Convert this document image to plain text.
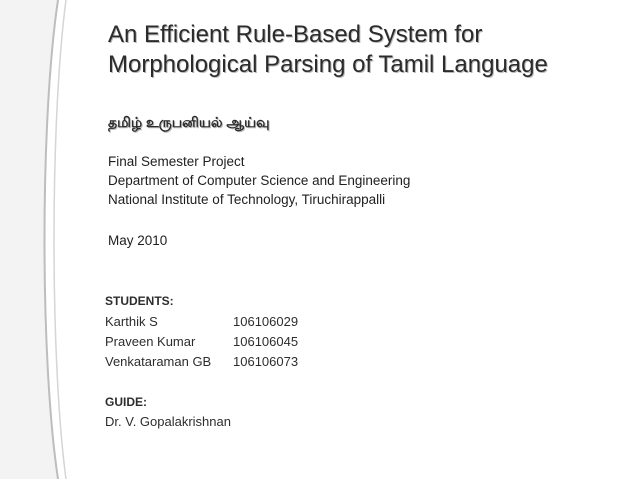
An Efficient Rule-Based System for
Morphological Parsing of Tamil Language
தமிழ் உருபனியல் ஆய்வு
Final Semester Project
Department of Computer Science and Engineering
National Institute of Technology, Tiruchirappalli
May 2010
STUDENTS:
Karthik S	106106029
Praveen Kumar	106106045
Venkataraman GB	106106073
GUIDE:
Dr. V. Gopalakrishnan
